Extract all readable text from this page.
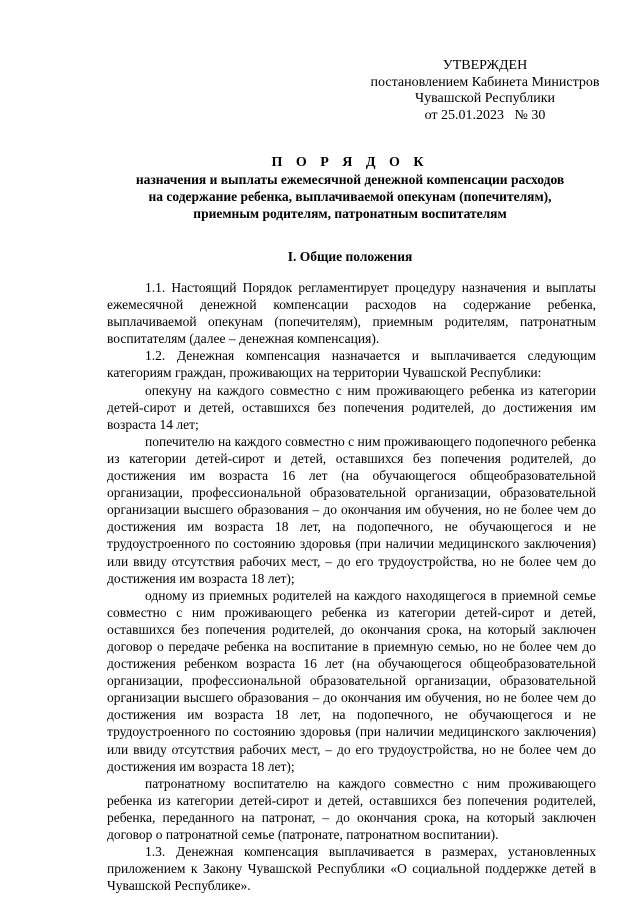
УТВЕРЖДЕН
постановлением Кабинета Министров
Чувашской Республики
от 25.01.2023   № 30
П О Р Я Д О К
назначения и выплаты ежемесячной денежной компенсации расходов
на содержание ребенка, выплачиваемой опекунам (попечителям),
приемным родителям, патронатным воспитателям
I. Общие положения

1.1. Настоящий Порядок регламентирует процедуру назначения и выплаты ежемесячной денежной компенсации расходов на содержание ребенка, выплачиваемой опекунам (попечителям), приемным родителям, патронатным воспитателям (далее – денежная компенсация).

1.2. Денежная компенсация назначается и выплачивается следующим категориям граждан, проживающих на территории Чувашской Республики:

опекуну на каждого совместно с ним проживающего ребенка из категории детей-сирот и детей, оставшихся без попечения родителей, до достижения им возраста 14 лет;

попечителю на каждого совместно с ним проживающего подопечного ребенка из категории детей-сирот и детей, оставшихся без попечения родителей, до достижения им возраста 16 лет (на обучающегося общеобразовательной организации, профессиональной образовательной организации, образовательной организации высшего образования – до окончания им обучения, но не более чем до достижения им возраста 18 лет, на подопечного, не обучающегося и не трудоустроенного по состоянию здоровья (при наличии медицинского заключения) или ввиду отсутствия рабочих мест, – до его трудоустройства, но не более чем до достижения им возраста 18 лет);

одному из приемных родителей на каждого находящегося в приемной семье совместно с ним проживающего ребенка из категории детей-сирот и детей, оставшихся без попечения родителей, до окончания срока, на который заключен договор о передаче ребенка на воспитание в приемную семью, но не более чем до достижения ребенком возраста 16 лет (на обучающегося общеобразовательной организации, профессиональной образовательной организации, образовательной организации высшего образования – до окончания им обучения, но не более чем до достижения им возраста 18 лет, на подопечного, не обучающегося и не трудоустроенного по состоянию здоровья (при наличии медицинского заключения) или ввиду отсутствия рабочих мест, – до его трудоустройства, но не более чем до достижения им возраста 18 лет);

патронатному воспитателю на каждого совместно с ним проживающего ребенка из категории детей-сирот и детей, оставшихся без попечения родителей, ребенка, переданного на патронат, – до окончания срока, на который заключен договор о патронатной семье (патронате, патронатном воспитании).

1.3. Денежная компенсация выплачивается в размерах, установленных приложением к Закону Чувашской Республики «О социальной поддержке детей в Чувашской Республике».
